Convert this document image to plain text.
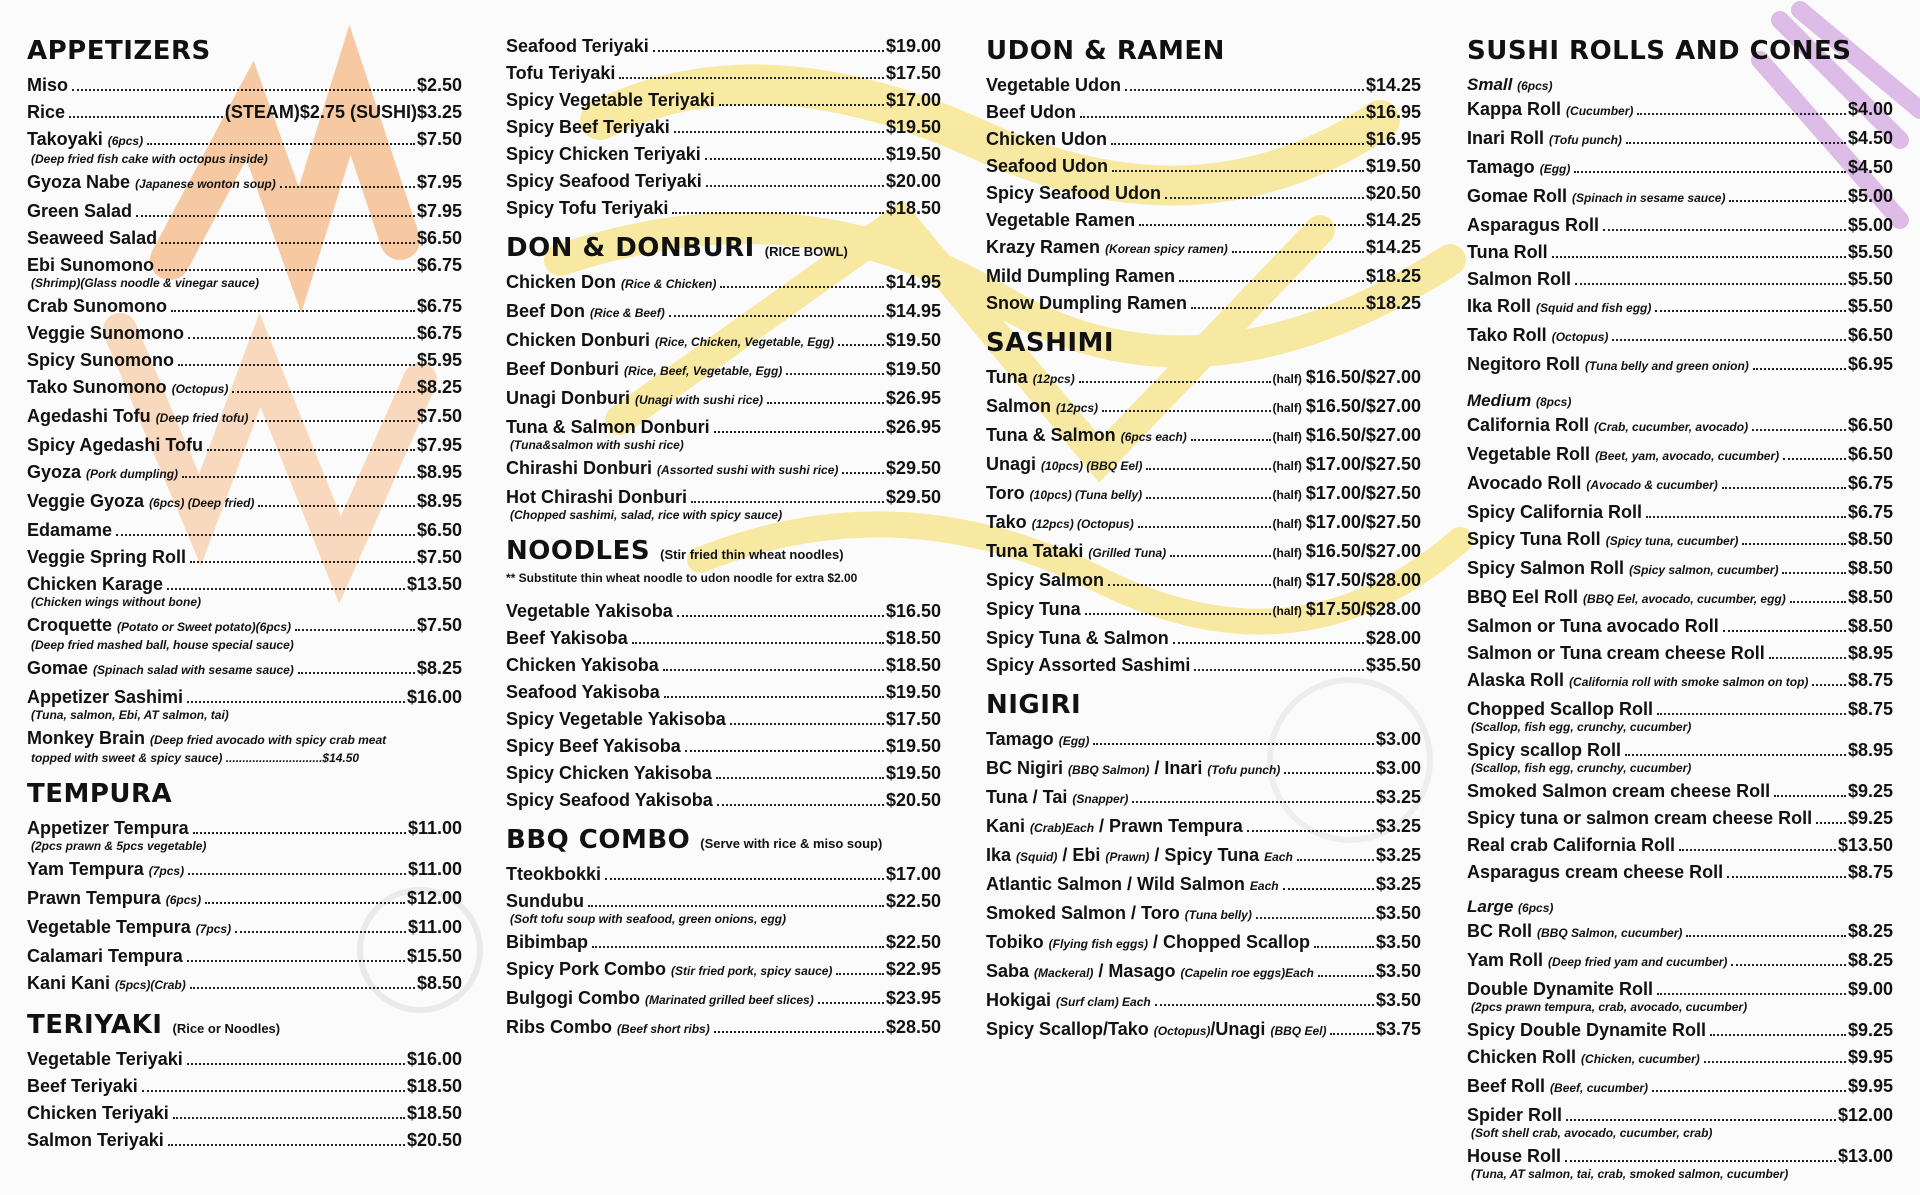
APPETIZERS
Miso	$2.50
Rice	(STEAM)$2.75 (SUSHI)$3.25
Takoyaki (6pcs)	$7.50
(Deep fried fish cake with octopus inside)
Gyoza Nabe (Japanese wonton soup)	$7.95
Green Salad	$7.95
Seaweed Salad	$6.50
Ebi Sunomono	$6.75
(Shrimp)(Glass noodle & vinegar sauce)
Crab Sunomono	$6.75
Veggie Sunomono	$6.75
Spicy Sunomono	$5.95
Tako Sunomono (Octopus)	$8.25
Agedashi Tofu (Deep fried tofu)	$7.50
Spicy Agedashi Tofu	$7.95
Gyoza (Pork dumpling)	$8.95
Veggie Gyoza (6pcs) (Deep fried)	$8.95
Edamame	$6.50
Veggie Spring Roll	$7.50
Chicken Karage	$13.50
(Chicken wings without bone)
Croquette (Potato or Sweet potato)(6pcs)	$7.50
(Deep fried mashed ball, house special sauce)
Gomae (Spinach salad with sesame sauce)	$8.25
Appetizer Sashimi	$16.00
(Tuna, salmon, Ebi, AT salmon, tai)
Monkey Brain (Deep fried avocado with spicy crab meat
topped with sweet & spicy sauce) .............................$14.50
TEMPURA
Appetizer Tempura	$11.00
(2pcs prawn & 5pcs vegetable)
Yam Tempura (7pcs)	$11.00
Prawn Tempura (6pcs)	$12.00
Vegetable Tempura (7pcs)	$11.00
Calamari Tempura	$15.50
Kani Kani (5pcs)(Crab)	$8.50
TERIYAKI (Rice or Noodles)
Vegetable Teriyaki	$16.00
Beef Teriyaki	$18.50
Chicken Teriyaki	$18.50
Salmon Teriyaki	$20.50
Seafood Teriyaki	$19.00
Tofu Teriyaki	$17.50
Spicy Vegetable Teriyaki	$17.00
Spicy Beef Teriyaki	$19.50
Spicy Chicken Teriyaki	$19.50
Spicy Seafood Teriyaki	$20.00
Spicy Tofu Teriyaki	$18.50
DON & DONBURI (RICE BOWL)
Chicken Don (Rice & Chicken)	$14.95
Beef Don (Rice & Beef)	$14.95
Chicken Donburi (Rice, Chicken, Vegetable, Egg)	$19.50
Beef Donburi (Rice, Beef, Vegetable, Egg)	$19.50
Unagi Donburi (Unagi with sushi rice)	$26.95
Tuna & Salmon Donburi	$26.95
(Tuna&salmon with sushi rice)
Chirashi Donburi (Assorted sushi with sushi rice)	$29.50
Hot Chirashi Donburi	$29.50
(Chopped sashimi, salad, rice with spicy sauce)
NOODLES (Stir fried thin wheat noodles)
** Substitute thin wheat noodle to udon noodle for extra $2.00
Vegetable Yakisoba	$16.50
Beef Yakisoba	$18.50
Chicken Yakisoba	$18.50
Seafood Yakisoba	$19.50
Spicy Vegetable Yakisoba	$17.50
Spicy Beef Yakisoba	$19.50
Spicy Chicken Yakisoba	$19.50
Spicy Seafood Yakisoba	$20.50
BBQ COMBO (Serve with rice & miso soup)
Tteokbokki	$17.00
Sundubu	$22.50
(Soft tofu soup with seafood, green onions, egg)
Bibimbap	$22.50
Spicy Pork Combo (Stir fried pork, spicy sauce)	$22.95
Bulgogi Combo (Marinated grilled beef slices)	$23.95
Ribs Combo (Beef short ribs)	$28.50
UDON & RAMEN
Vegetable Udon	$14.25
Beef Udon	$16.95
Chicken Udon	$16.95
Seafood Udon	$19.50
Spicy Seafood Udon	$20.50
Vegetable Ramen	$14.25
Krazy Ramen (Korean spicy ramen)	$14.25
Mild Dumpling Ramen	$18.25
Snow Dumpling Ramen	$18.25
SASHIMI
Tuna (12pcs)	(half) $16.50/$27.00
Salmon (12pcs)	(half) $16.50/$27.00
Tuna & Salmon (6pcs each)	(half) $16.50/$27.00
Unagi (10pcs) (BBQ Eel)	(half) $17.00/$27.50
Toro (10pcs) (Tuna belly)	(half) $17.00/$27.50
Tako (12pcs) (Octopus)	(half) $17.00/$27.50
Tuna Tataki (Grilled Tuna)	(half) $16.50/$27.00
Spicy Salmon	(half) $17.50/$28.00
Spicy Tuna	(half) $17.50/$28.00
Spicy Tuna & Salmon	$28.00
Spicy Assorted Sashimi	$35.50
NIGIRI
Tamago (Egg)	$3.00
BC Nigiri (BBQ Salmon) / Inari (Tofu punch)	$3.00
Tuna / Tai (Snapper)	$3.25
Kani (Crab)Each / Prawn Tempura	$3.25
Ika (Squid) / Ebi (Prawn) / Spicy Tuna Each	$3.25
Atlantic Salmon / Wild Salmon Each	$3.25
Smoked Salmon / Toro (Tuna belly)	$3.50
Tobiko (Flying fish eggs) / Chopped Scallop	$3.50
Saba (Mackeral) / Masago (Capelin roe eggs)Each	$3.50
Hokigai (Surf clam) Each	$3.50
Spicy Scallop/Tako (Octopus)/Unagi (BBQ Eel)	$3.75
SUSHI ROLLS AND CONES
Small (6pcs)
Kappa Roll (Cucumber)	$4.00
Inari Roll (Tofu punch)	$4.50
Tamago (Egg)	$4.50
Gomae Roll (Spinach in sesame sauce)	$5.00
Asparagus Roll	$5.00
Tuna Roll	$5.50
Salmon Roll	$5.50
Ika Roll (Squid and fish egg)	$5.50
Tako Roll (Octopus)	$6.50
Negitoro Roll (Tuna belly and green onion)	$6.95
Medium (8pcs)
California Roll (Crab, cucumber, avocado)	$6.50
Vegetable Roll (Beet, yam, avocado, cucumber)	$6.50
Avocado Roll (Avocado & cucumber)	$6.75
Spicy California Roll	$6.75
Spicy Tuna Roll (Spicy tuna, cucumber)	$8.50
Spicy Salmon Roll (Spicy salmon, cucumber)	$8.50
BBQ Eel Roll (BBQ Eel, avocado, cucumber, egg)	$8.50
Salmon or Tuna avocado Roll	$8.50
Salmon or Tuna cream cheese Roll	$8.95
Alaska Roll (California roll with smoke salmon on top) $8.75
Chopped Scallop Roll	$8.75
(Scallop, fish egg, crunchy, cucumber)
Spicy scallop Roll	$8.95
(Scallop, fish egg, crunchy, cucumber)
Smoked Salmon cream cheese Roll	$9.25
Spicy tuna or salmon cream cheese Roll $9.25
Real crab California Roll	$13.50
Asparagus cream cheese Roll	$8.75
Large (6pcs)
BC Roll (BBQ Salmon, cucumber)	$8.25
Yam Roll (Deep fried yam and cucumber)	$8.25
Double Dynamite Roll	$9.00
(2pcs prawn tempura, crab, avocado, cucumber)
Spicy Double Dynamite Roll	$9.25
Chicken Roll (Chicken, cucumber)	$9.95
Beef Roll (Beef, cucumber)	$9.95
Spider Roll	$12.00
(Soft shell crab, avocado, cucumber, crab)
House Roll	$13.00
(Tuna, AT salmon, tai, crab, smoked salmon, cucumber)
